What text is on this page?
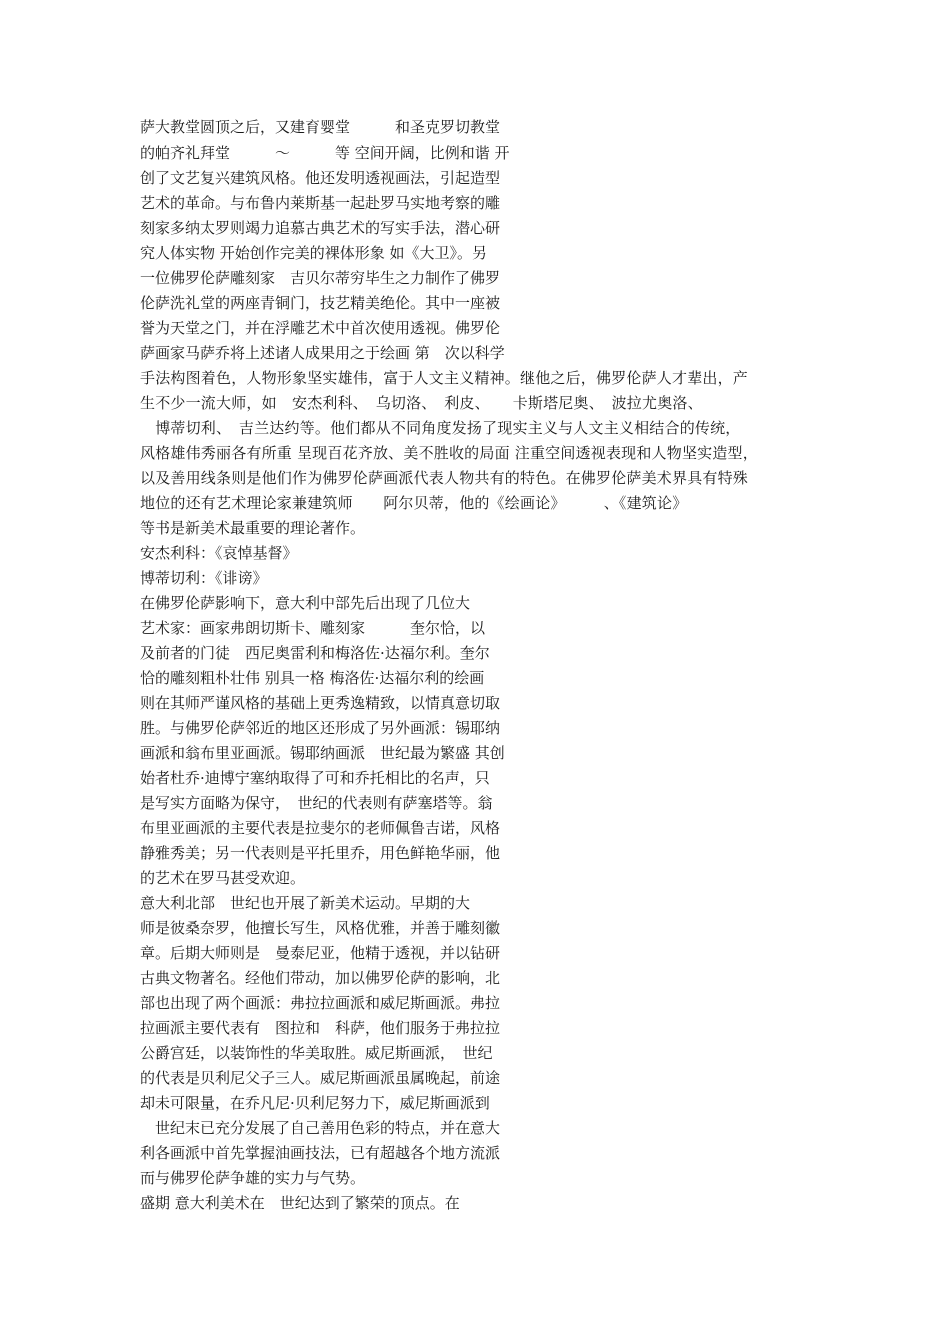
萨大教堂圆顶之后，又建育婴堂　　　和圣克罗切教堂
的帕齐礼拜堂　　　～　　　等 空间开阔，比例和谐 开
创了文艺复兴建筑风格。他还发明透视画法，引起造型
艺术的革命。与布鲁内莱斯基一起赴罗马实地考察的雕
刻家多纳太罗则竭力追慕古典艺术的写实手法，潜心研
究人体实物 开始创作完美的裸体形象 如《大卫》。另
一位佛罗伦萨雕刻家　吉贝尔蒂穷毕生之力制作了佛罗
伦萨洗礼堂的两座青铜门，技艺精美绝伦。其中一座被
誉为天堂之门，并在浮雕艺术中首次使用透视。佛罗伦
萨画家马萨乔将上述诸人成果用之于绘画 第　次以科学
手法构图着色，人物形象坚实雄伟，富于人文主义精神。继他之后，佛罗伦萨人才辈出，产
生不少一流大师，如　安杰利科、　乌切洛、　利皮、　　卡斯塔尼奥、　波拉尤奥洛、
　博蒂切利、　吉兰达约等。他们都从不同角度发扬了现实主义与人文主义相结合的传统，
风格雄伟秀丽各有所重 呈现百花齐放、美不胜收的局面 注重空间透视表现和人物坚实造型，
以及善用线条则是他们作为佛罗伦萨画派代表人物共有的特色。在佛罗伦萨美术界具有特殊
地位的还有艺术理论家兼建筑师　　阿尔贝蒂，他的《绘画论》　　　、《建筑论》
等书是新美术最重要的理论著作。
安杰利科：《哀悼基督》
博蒂切利：《诽谤》
在佛罗伦萨影响下，意大利中部先后出现了几位大
艺术家：画家弗朗切斯卡、雕刻家　　　奎尔恰，以
及前者的门徒　西尼奥雷利和梅洛佐·达福尔利。奎尔
恰的雕刻粗朴壮伟 别具一格 梅洛佐·达福尔利的绘画
则在其师严谨风格的基础上更秀逸精致，以情真意切取
胜。与佛罗伦萨邻近的地区还形成了另外画派：锡耶纳
画派和翁布里亚画派。锡耶纳画派　世纪最为繁盛 其创
始者杜乔·迪博宁塞纳取得了可和乔托相比的名声，只
是写实方面略为保守，　世纪的代表则有萨塞塔等。翁
布里亚画派的主要代表是拉斐尔的老师佩鲁吉诺，风格
静雅秀美；另一代表则是平托里乔，用色鲜艳华丽，他
的艺术在罗马甚受欢迎。
意大利北部　世纪也开展了新美术运动。早期的大
师是彼桑奈罗，他擅长写生，风格优雅，并善于雕刻徽
章。后期大师则是　曼泰尼亚，他精于透视，并以钻研
古典文物著名。经他们带动，加以佛罗伦萨的影响，北
部也出现了两个画派：弗拉拉画派和威尼斯画派。弗拉
拉画派主要代表有　图拉和　科萨，他们服务于弗拉拉
公爵宫廷，以装饰性的华美取胜。威尼斯画派，　世纪
的代表是贝利尼父子三人。威尼斯画派虽属晚起，前途
却未可限量，在乔凡尼·贝利尼努力下，威尼斯画派到
　世纪末已充分发展了自己善用色彩的特点，并在意大
利各画派中首先掌握油画技法，已有超越各个地方流派
而与佛罗伦萨争雄的实力与气势。
盛期 意大利美术在　世纪达到了繁荣的顶点。在
